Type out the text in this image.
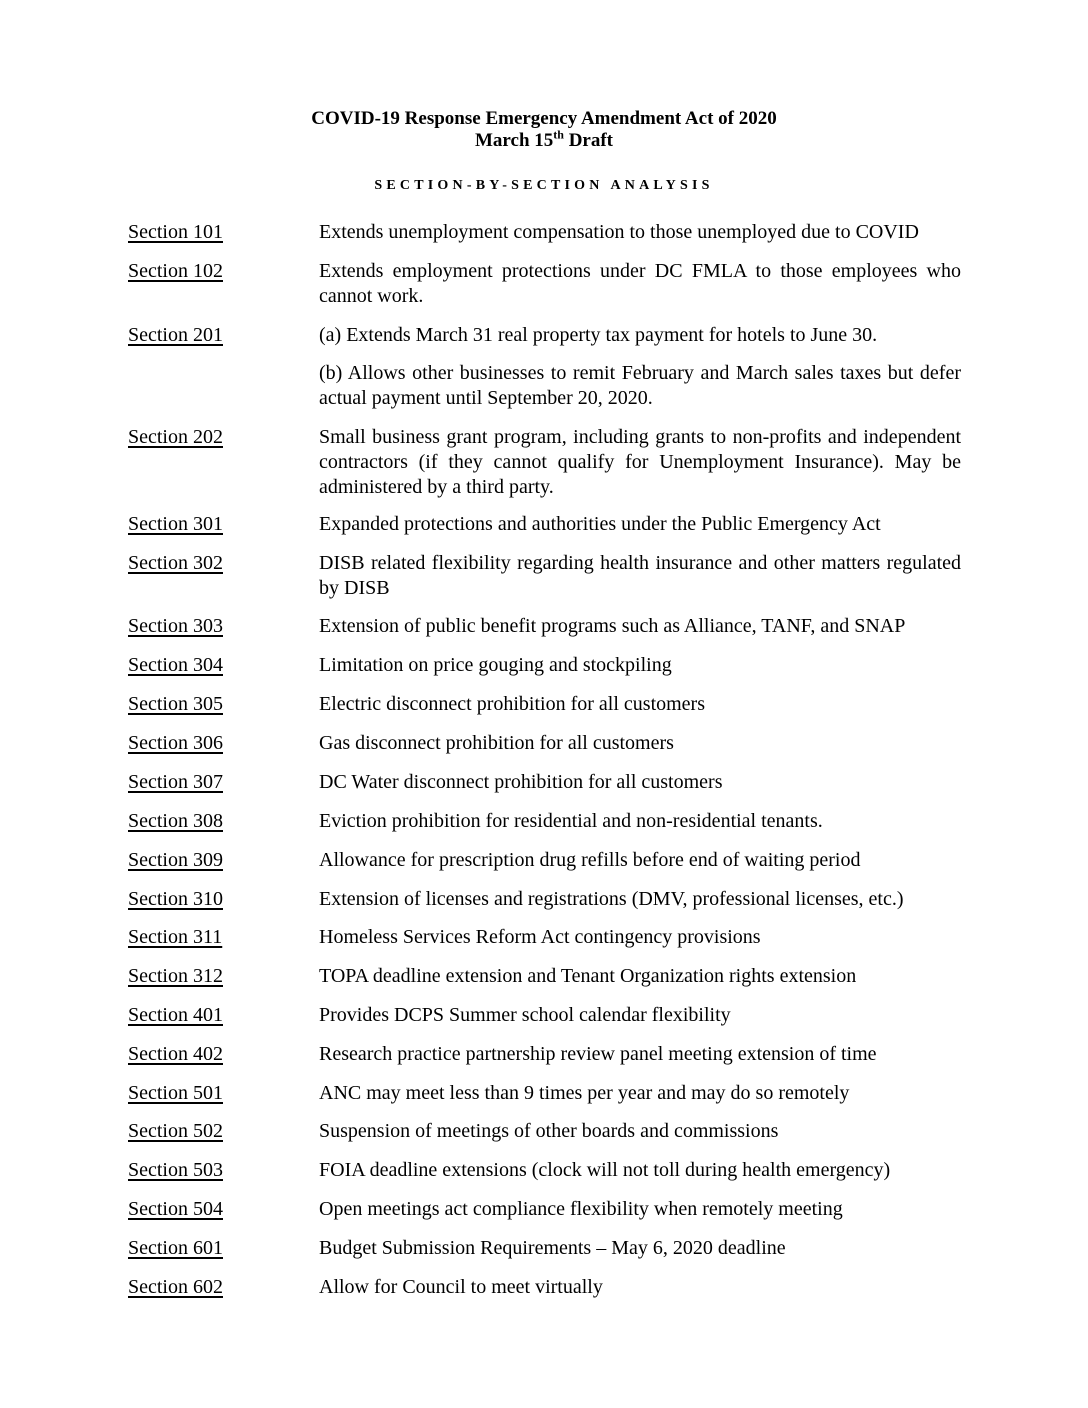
COVID-19 Response Emergency Amendment Act of 2020
March 15th Draft
SECTION-BY-SECTION ANALYSIS
Section 101	Extends unemployment compensation to those unemployed due to COVID
Section 102	Extends employment protections under DC FMLA to those employees who cannot work.
Section 201	(a) Extends March 31 real property tax payment for hotels to June 30.
(b) Allows other businesses to remit February and March sales taxes but defer actual payment until September 20, 2020.
Section 202	Small business grant program, including grants to non-profits and independent contractors (if they cannot qualify for Unemployment Insurance). May be administered by a third party.
Section 301	Expanded protections and authorities under the Public Emergency Act
Section 302	DISB related flexibility regarding health insurance and other matters regulated by DISB
Section 303	Extension of public benefit programs such as Alliance, TANF, and SNAP
Section 304	Limitation on price gouging and stockpiling
Section 305	Electric disconnect prohibition for all customers
Section 306	Gas disconnect prohibition for all customers
Section 307	DC Water disconnect prohibition for all customers
Section 308	Eviction prohibition for residential and non-residential tenants.
Section 309	Allowance for prescription drug refills before end of waiting period
Section 310	Extension of licenses and registrations (DMV, professional licenses, etc.)
Section 311	Homeless Services Reform Act contingency provisions
Section 312	TOPA deadline extension and Tenant Organization rights extension
Section 401	Provides DCPS Summer school calendar flexibility
Section 402	Research practice partnership review panel meeting extension of time
Section 501	ANC may meet less than 9 times per year and may do so remotely
Section 502	Suspension of meetings of other boards and commissions
Section 503	FOIA deadline extensions (clock will not toll during health emergency)
Section 504	Open meetings act compliance flexibility when remotely meeting
Section 601	Budget Submission Requirements – May 6, 2020 deadline
Section 602	Allow for Council to meet virtually
